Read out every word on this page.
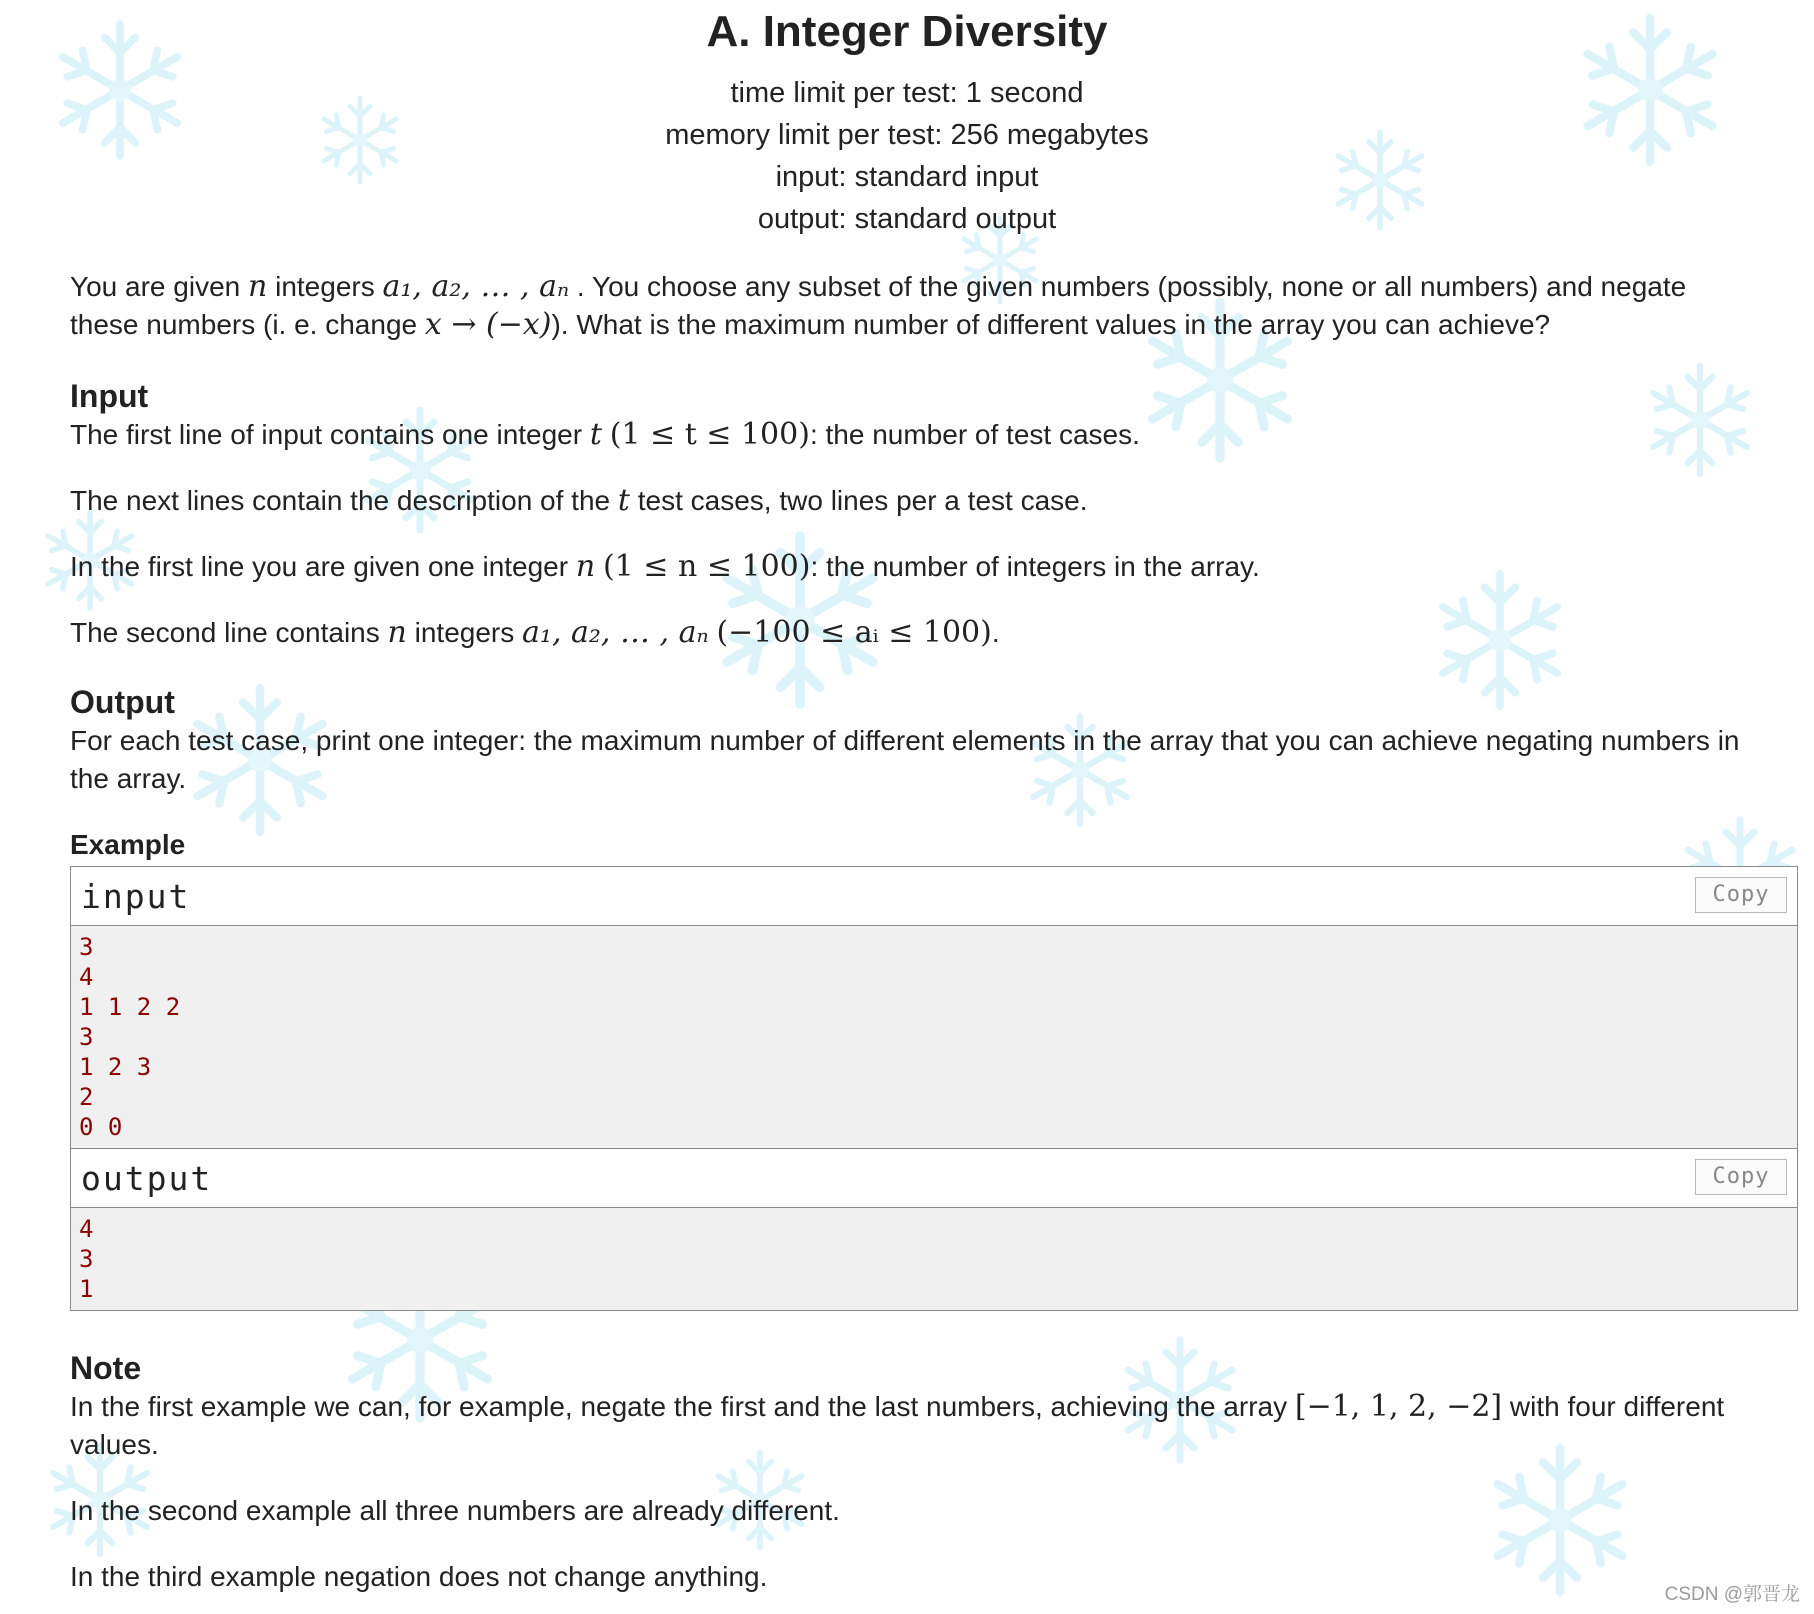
A. Integer Diversity
time limit per test: 1 second
memory limit per test: 256 megabytes
input: standard input
output: standard output

You are given n integers a₁, a₂, … , aₙ . You choose any subset of the given numbers (possibly, none or all numbers) and negate these numbers (i. e. change x → (−x)). What is the maximum number of different values in the array you can achieve?

Input

The first line of input contains one integer t (1 ≤ t ≤ 100): the number of test cases.

The next lines contain the description of the t test cases, two lines per a test case.

In the first line you are given one integer n (1 ≤ n ≤ 100): the number of integers in the array.

The second line contains n integers a₁, a₂, … , aₙ (−100 ≤ aᵢ ≤ 100).

Output

For each test case, print one integer: the maximum number of different elements in the array that you can achieve negating numbers in the array.

Example
input	Copy
3
4
1 1 2 2
3
1 2 3
2
0 0
output	Copy
4
3
1
Note

In the first example we can, for example, negate the first and the last numbers, achieving the array [−1, 1, 2, −2] with four different values.

In the second example all three numbers are already different.

In the third example negation does not change anything.

CSDN @郭晋龙
